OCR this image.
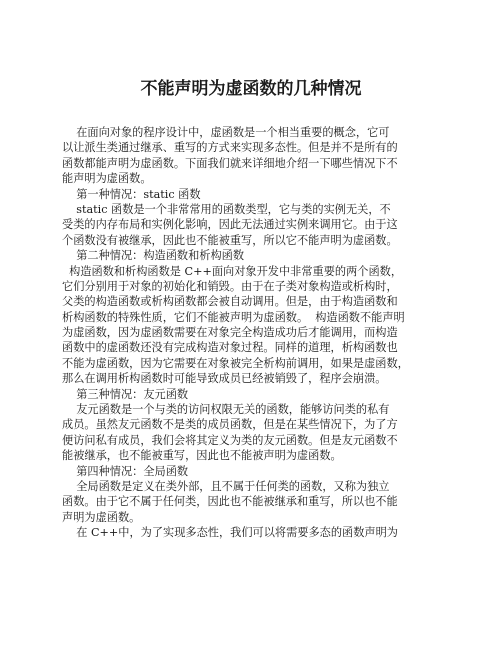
不能声明为虚函数的几种情况
在面向对象的程序设计中，虚函数是一个相当重要的概念，它可
以让派生类通过继承、重写的方式来实现多态性。但是并不是所有的
函数都能声明为虚函数。下面我们就来详细地介绍一下哪些情况下不
能声明为虚函数。
第一种情况：static 函数
static 函数是一个非常常用的函数类型，它与类的实例无关，不
受类的内存布局和实例化影响，因此无法通过实例来调用它。由于这
个函数没有被继承，因此也不能被重写，所以它不能声明为虚函数。
第二种情况：构造函数和析构函数
构造函数和析构函数是 C++面向对象开发中非常重要的两个函数，
它们分别用于对象的初始化和销毁。由于在子类对象构造或析构时，
父类的构造函数或析构函数都会被自动调用。但是，由于构造函数和
析构函数的特殊性质，它们不能被声明为虚函数。  构造函数不能声明
为虚函数，因为虚函数需要在对象完全构造成功后才能调用，而构造
函数中的虚函数还没有完成构造对象过程。同样的道理，析构函数也
不能为虚函数，因为它需要在对象被完全析构前调用，如果是虚函数，
那么在调用析构函数时可能导致成员已经被销毁了，程序会崩溃。
第三种情况：友元函数
友元函数是一个与类的访问权限无关的函数，能够访问类的私有
成员。虽然友元函数不是类的成员函数，但是在某些情况下，为了方
便访问私有成员，我们会将其定义为类的友元函数。但是友元函数不
能被继承，也不能被重写，因此也不能被声明为虚函数。
第四种情况：全局函数
全局函数是定义在类外部，且不属于任何类的函数，又称为独立
函数。由于它不属于任何类，因此也不能被继承和重写，所以也不能
声明为虚函数。
在 C++中，为了实现多态性，我们可以将需要多态的函数声明为
